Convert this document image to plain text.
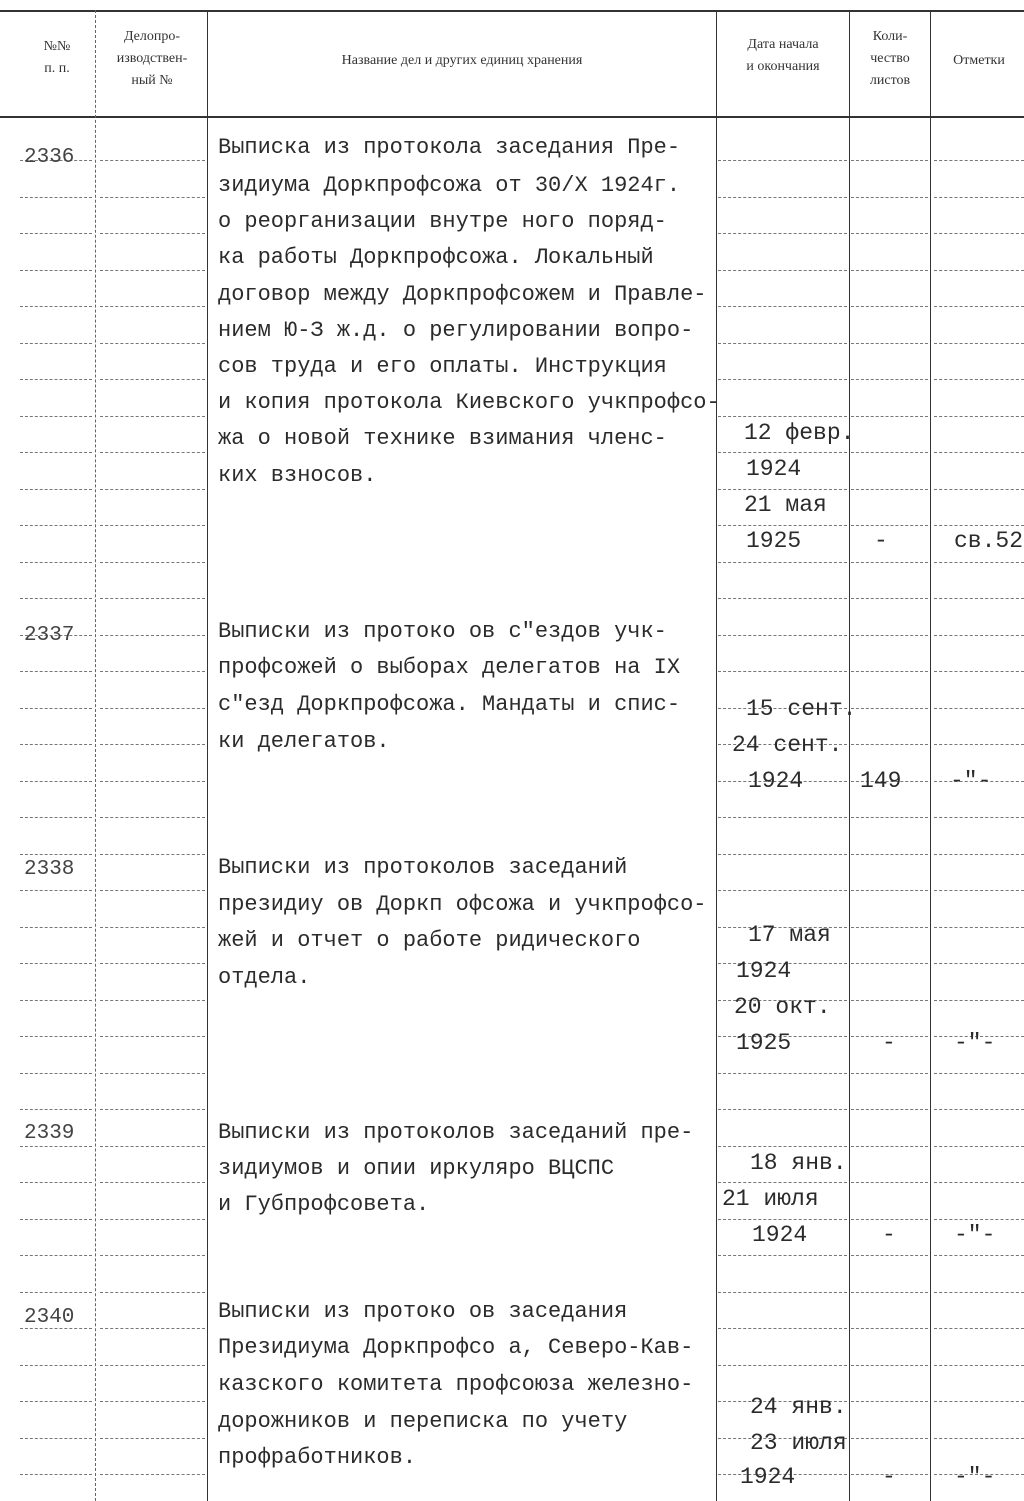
№№
п. п.
Делопро-
изводствен-
ный №
Название дел и других единиц хранения
Дата начала
и окончания
Коли-
чество
листов
Отметки
2336	Выписка из протокола заседания Пре-
зидиума Доркпрофсожа от 30/X 1924г.
о реорганизации внутре ного поряд-
ка работы Доркпрофсожа. Локальный
договор между Доркпрофсожем и Правле-
нием Ю-З ж.д. о регулировании вопро-
сов труда и его оплаты. Инструкция
и копия протокола Киевского учкпрофсо-
жа о новой технике взимания членс-
ких взносов.
12 февр.
1924
21 мая
1925	-	св.52
2337	Выписки из протоко ов с"ездов учк-
профсожей о выборах делегатов на IX
с"езд Доркпрофсожа. Мандаты и спис-
ки делегатов.
15 сент.
24 сент.
1924 149 -"-
2338	Выписки из протоколов заседаний
президиу ов Доркп офсожа и учкпрофсо-
жей и отчет о работе ридического
отдела.
17 мая
1924
20 окт.
1925	-	-"-
2339	Выписки из протоколов заседаний пре-
зидиумов и опии иркуляро ВЦСПС
и Губпрофсовета.
18 янв.
21 июля
1924	-	-"-
2340	Выписки из протоко ов заседания
Президиума Доркпрофсо а, Северо-Кав-
казского комитета профсоюза железно-
дорожников и переписка по учету
профработников.
24 янв.
23 июля
1924	-	-"-
